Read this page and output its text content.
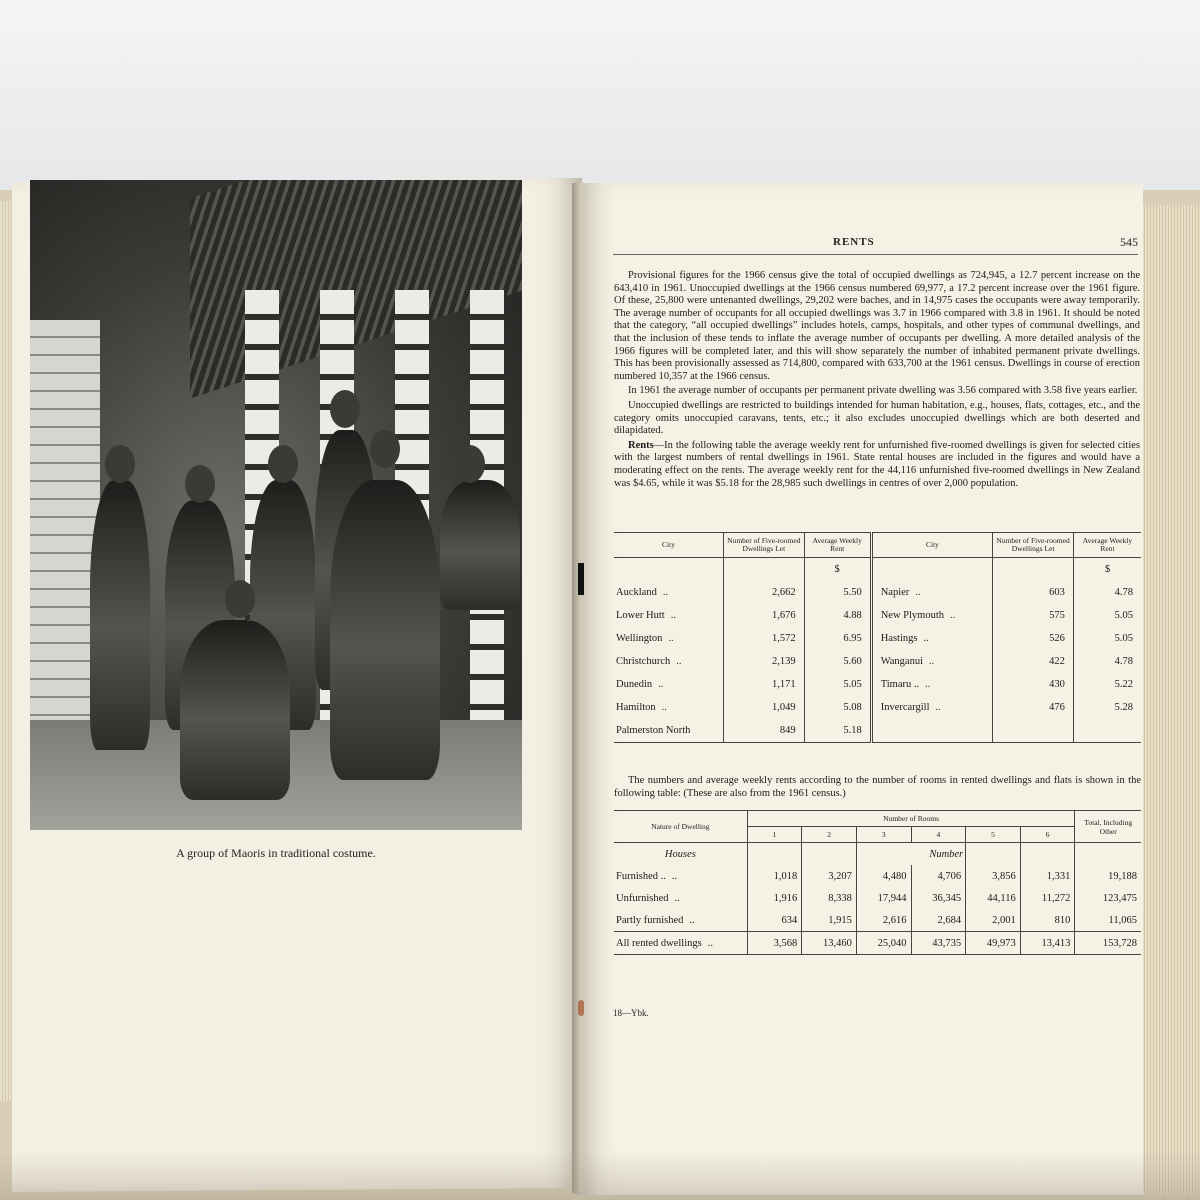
A group of Maoris in traditional costume.
RENTS	545

Provisional figures for the 1966 census give the total of occupied dwellings as 724,945, a 12.7 percent increase on the 643,410 in 1961. Unoccupied dwellings at the 1966 census numbered 69,977, a 17.2 percent increase over the 1961 figure. Of these, 25,800 were untenanted dwellings, 29,202 were baches, and in 14,975 cases the occupants were away temporarily. The average number of occupants for all occupied dwellings was 3.7 in 1966 compared with 3.8 in 1961. It should be noted that the category, “all occupied dwellings” includes hotels, camps, hospitals, and other types of communal dwellings, and that the inclusion of these tends to inflate the average number of occupants per dwelling. A more detailed analysis of the 1966 figures will be completed later, and this will show separately the number of inhabited permanent private dwellings. This has been provisionally assessed as 714,800, compared with 633,700 at the 1961 census. Dwellings in course of erection numbered 10,357 at the 1966 census.

In 1961 the average number of occupants per permanent private dwelling was 3.56 compared with 3.58 five years earlier.

Unoccupied dwellings are restricted to buildings intended for human habitation, e.g., houses, flats, cottages, etc., and the category omits unoccupied caravans, tents, etc.; it also excludes unoccupied dwellings which are both deserted and dilapidated.

Rents—In the following table the average weekly rent for unfurnished five-roomed dwellings is given for selected cities with the largest numbers of rental dwellings in 1961. State rental houses are included in the figures and would have a moderating effect on the rents. The average weekly rent for the 44,116 unfurnished five-roomed dwellings in New Zealand was $4.65, while it was $5.18 for the 28,985 such dwellings in centres of over 2,000 population.

City	Number of Five-roomed Dwellings Let	Average Weekly Rent	City	Number of Five-roomed Dwellings Let	Average Weekly Rent
		$			$
Auckland ..	2,662	5.50	Napier ..	603	4.78
Lower Hutt ..	1,676	4.88	New Plymouth ..	575	5.05
Wellington ..	1,572	6.95	Hastings ..	526	5.05
Christchurch ..	2,139	5.60	Wanganui ..	422	4.78
Dunedin ..	1,171	5.05	Timaru .. ..	430	5.22
Hamilton ..	1,049	5.08	Invercargill ..	476	5.28
Palmerston North	849	5.18			

The numbers and average weekly rents according to the number of rooms in rented dwellings and flats is shown in the following table: (These are also from the 1961 census.)

Nature of Dwelling	Number of Rooms						Total, Including Other
	1	2	3	4	5	6	
Houses			Number				
Furnished .. ..	1,018	3,207	4,480	4,706	3,856	1,331	19,188
Unfurnished ..	1,916	8,338	17,944	36,345	44,116	11,272	123,475
Partly furnished ..	634	1,915	2,616	2,684	2,001	810	11,065
All rented dwellings ..	3,568	13,460	25,040	43,735	49,973	13,413	153,728
18—Ybk.
